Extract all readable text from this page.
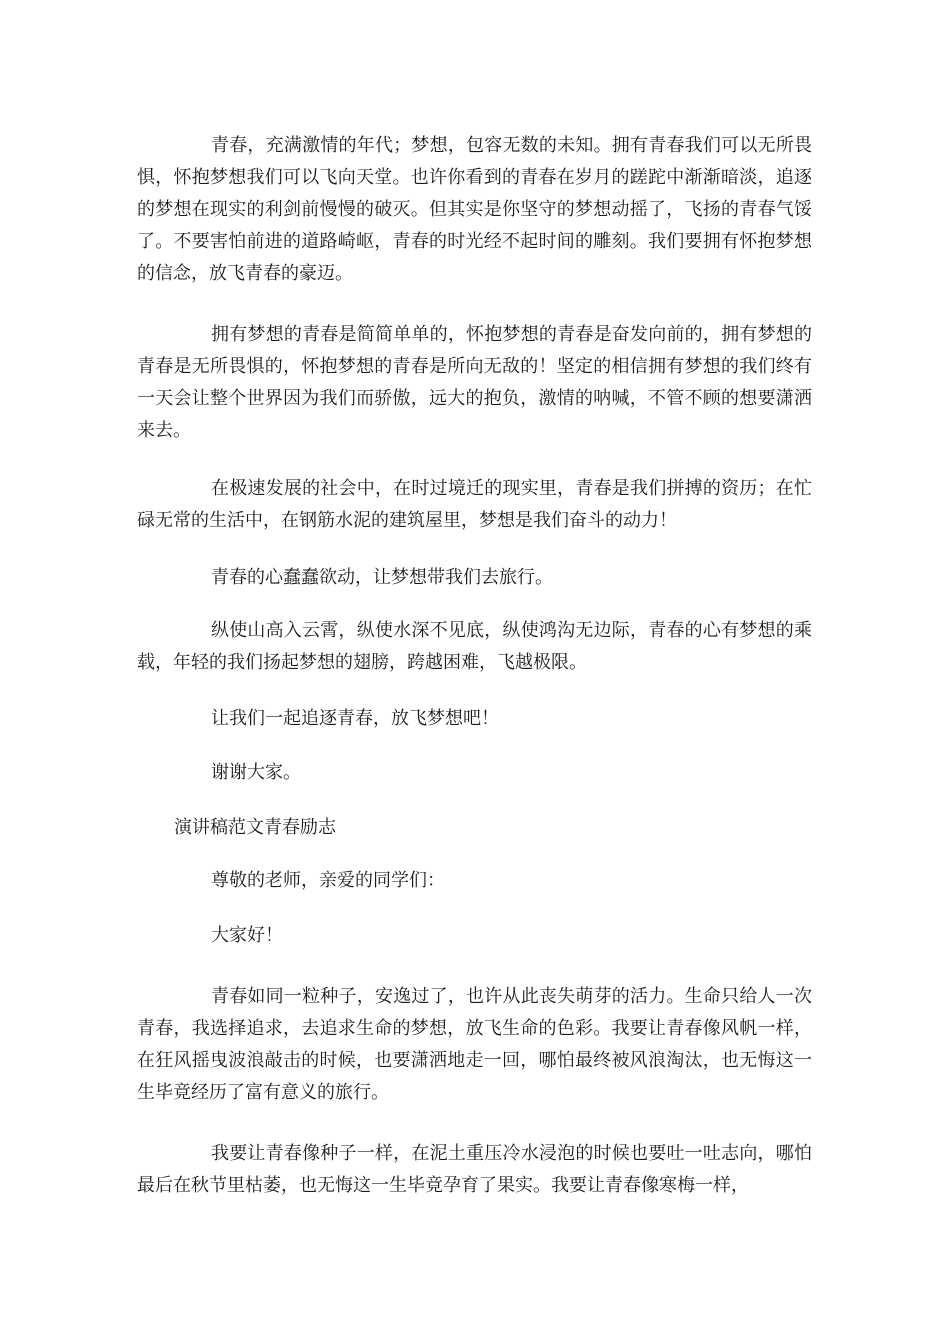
青春，充满激情的年代；梦想，包容无数的未知。拥有青春我们可以无所畏惧，怀抱梦想我们可以飞向天堂。也许你看到的青春在岁月的蹉跎中渐渐暗淡，追逐的梦想在现实的利剑前慢慢的破灭。但其实是你坚守的梦想动摇了，飞扬的青春气馁了。不要害怕前进的道路崎岖，青春的时光经不起时间的雕刻。我们要拥有怀抱梦想的信念，放飞青春的豪迈。

拥有梦想的青春是简简单单的，怀抱梦想的青春是奋发向前的，拥有梦想的青春是无所畏惧的，怀抱梦想的青春是所向无敌的！坚定的相信拥有梦想的我们终有一天会让整个世界因为我们而骄傲，远大的抱负，激情的呐喊，不管不顾的想要潇洒来去。

在极速发展的社会中，在时过境迁的现实里，青春是我们拼搏的资历；在忙碌无常的生活中，在钢筋水泥的建筑屋里，梦想是我们奋斗的动力！

青春的心蠢蠢欲动，让梦想带我们去旅行。

纵使山高入云霄，纵使水深不见底，纵使鸿沟无边际，青春的心有梦想的乘载，年轻的我们扬起梦想的翅膀，跨越困难，飞越极限。

让我们一起追逐青春，放飞梦想吧！

谢谢大家。

演讲稿范文青春励志

尊敬的老师，亲爱的同学们：

大家好！

青春如同一粒种子，安逸过了，也许从此丧失萌芽的活力。生命只给人一次青春，我选择追求，去追求生命的梦想，放飞生命的色彩。我要让青春像风帆一样，在狂风摇曳波浪敲击的时候，也要潇洒地走一回，哪怕最终被风浪淘汰，也无悔这一生毕竟经历了富有意义的旅行。

我要让青春像种子一样，在泥土重压冷水浸泡的时候也要吐一吐志向，哪怕最后在秋节里枯萎，也无悔这一生毕竟孕育了果实。我要让青春像寒梅一样，
